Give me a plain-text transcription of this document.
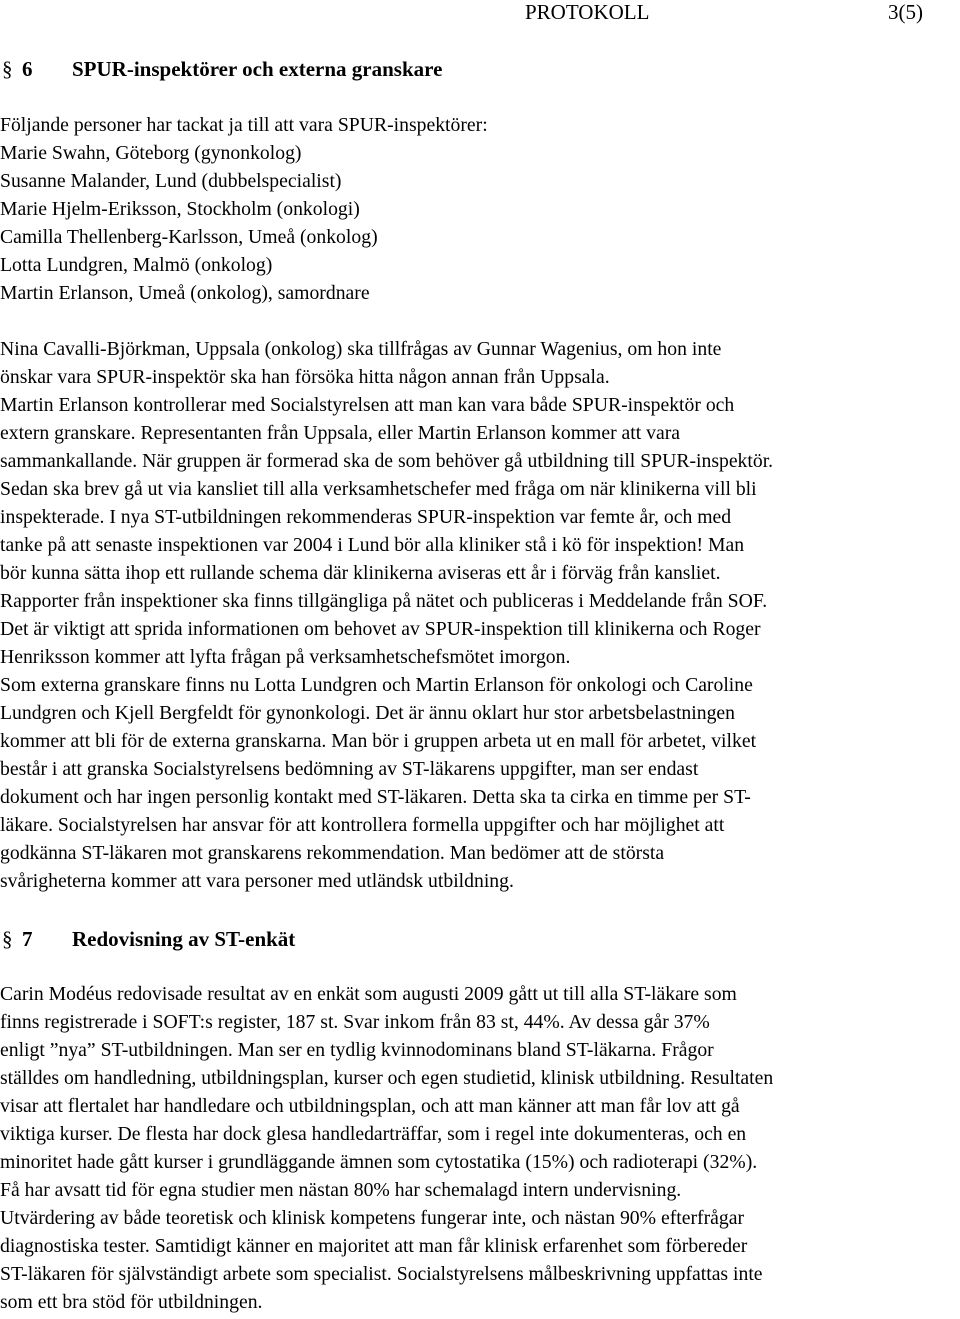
PROTOKOLL	3(5)
§ 6 SPUR-inspektörer och externa granskare
Följande personer har tackat ja till att vara SPUR-inspektörer:
Marie Swahn, Göteborg (gynonkolog)
Susanne Malander, Lund (dubbelspecialist)
Marie Hjelm-Eriksson, Stockholm (onkologi)
Camilla Thellenberg-Karlsson, Umeå (onkolog)
Lotta Lundgren, Malmö (onkolog)
Martin Erlanson, Umeå (onkolog), samordnare
Nina Cavalli-Björkman, Uppsala (onkolog) ska tillfrågas av Gunnar Wagenius, om hon inte
önskar vara SPUR-inspektör ska han försöka hitta någon annan från Uppsala.
Martin Erlanson kontrollerar med Socialstyrelsen att man kan vara både SPUR-inspektör och
extern granskare. Representanten från Uppsala, eller Martin Erlanson kommer att vara
sammankallande. När gruppen är formerad ska de som behöver gå utbildning till SPUR-inspektör.
Sedan ska brev gå ut via kansliet till alla verksamhetschefer med fråga om när klinikerna vill bli
inspekterade. I nya ST-utbildningen rekommenderas SPUR-inspektion var femte år, och med
tanke på att senaste inspektionen var 2004 i Lund bör alla kliniker stå i kö för inspektion! Man
bör kunna sätta ihop ett rullande schema där klinikerna aviseras ett år i förväg från kansliet.
Rapporter från inspektioner ska finns tillgängliga på nätet och publiceras i Meddelande från SOF.
Det är viktigt att sprida informationen om behovet av SPUR-inspektion till klinikerna och Roger
Henriksson kommer att lyfta frågan på verksamhetschefsmötet imorgon.
Som externa granskare finns nu Lotta Lundgren och Martin Erlanson för onkologi och Caroline
Lundgren och Kjell Bergfeldt för gynonkologi. Det är ännu oklart hur stor arbetsbelastningen
kommer att bli för de externa granskarna. Man bör i gruppen arbeta ut en mall för arbetet, vilket
består i att granska Socialstyrelsens bedömning av ST-läkarens uppgifter, man ser endast
dokument och har ingen personlig kontakt med ST-läkaren. Detta ska ta cirka en timme per ST-
läkare. Socialstyrelsen har ansvar för att kontrollera formella uppgifter och har möjlighet att
godkänna ST-läkaren mot granskarens rekommendation. Man bedömer att de största
svårigheterna kommer att vara personer med utländsk utbildning.
§ 7 Redovisning av ST-enkät
Carin Modéus redovisade resultat av en enkät som augusti 2009 gått ut till alla ST-läkare som
finns registrerade i SOFT:s register, 187 st. Svar inkom från 83 st, 44%. Av dessa går 37%
enligt ”nya” ST-utbildningen. Man ser en tydlig kvinnodominans bland ST-läkarna. Frågor
ställdes om handledning, utbildningsplan, kurser och egen studietid, klinisk utbildning. Resultaten
visar att flertalet har handledare och utbildningsplan, och att man känner att man får lov att gå
viktiga kurser. De flesta har dock glesa handledarträffar, som i regel inte dokumenteras, och en
minoritet hade gått kurser i grundläggande ämnen som cytostatika (15%) och radioterapi (32%).
Få har avsatt tid för egna studier men nästan 80% har schemalagd intern undervisning.
Utvärdering av både teoretisk och klinisk kompetens fungerar inte, och nästan 90% efterfrågar
diagnostiska tester. Samtidigt känner en majoritet att man får klinisk erfarenhet som förbereder
ST-läkaren för självständigt arbete som specialist. Socialstyrelsens målbeskrivning uppfattas inte
som ett bra stöd för utbildningen.
